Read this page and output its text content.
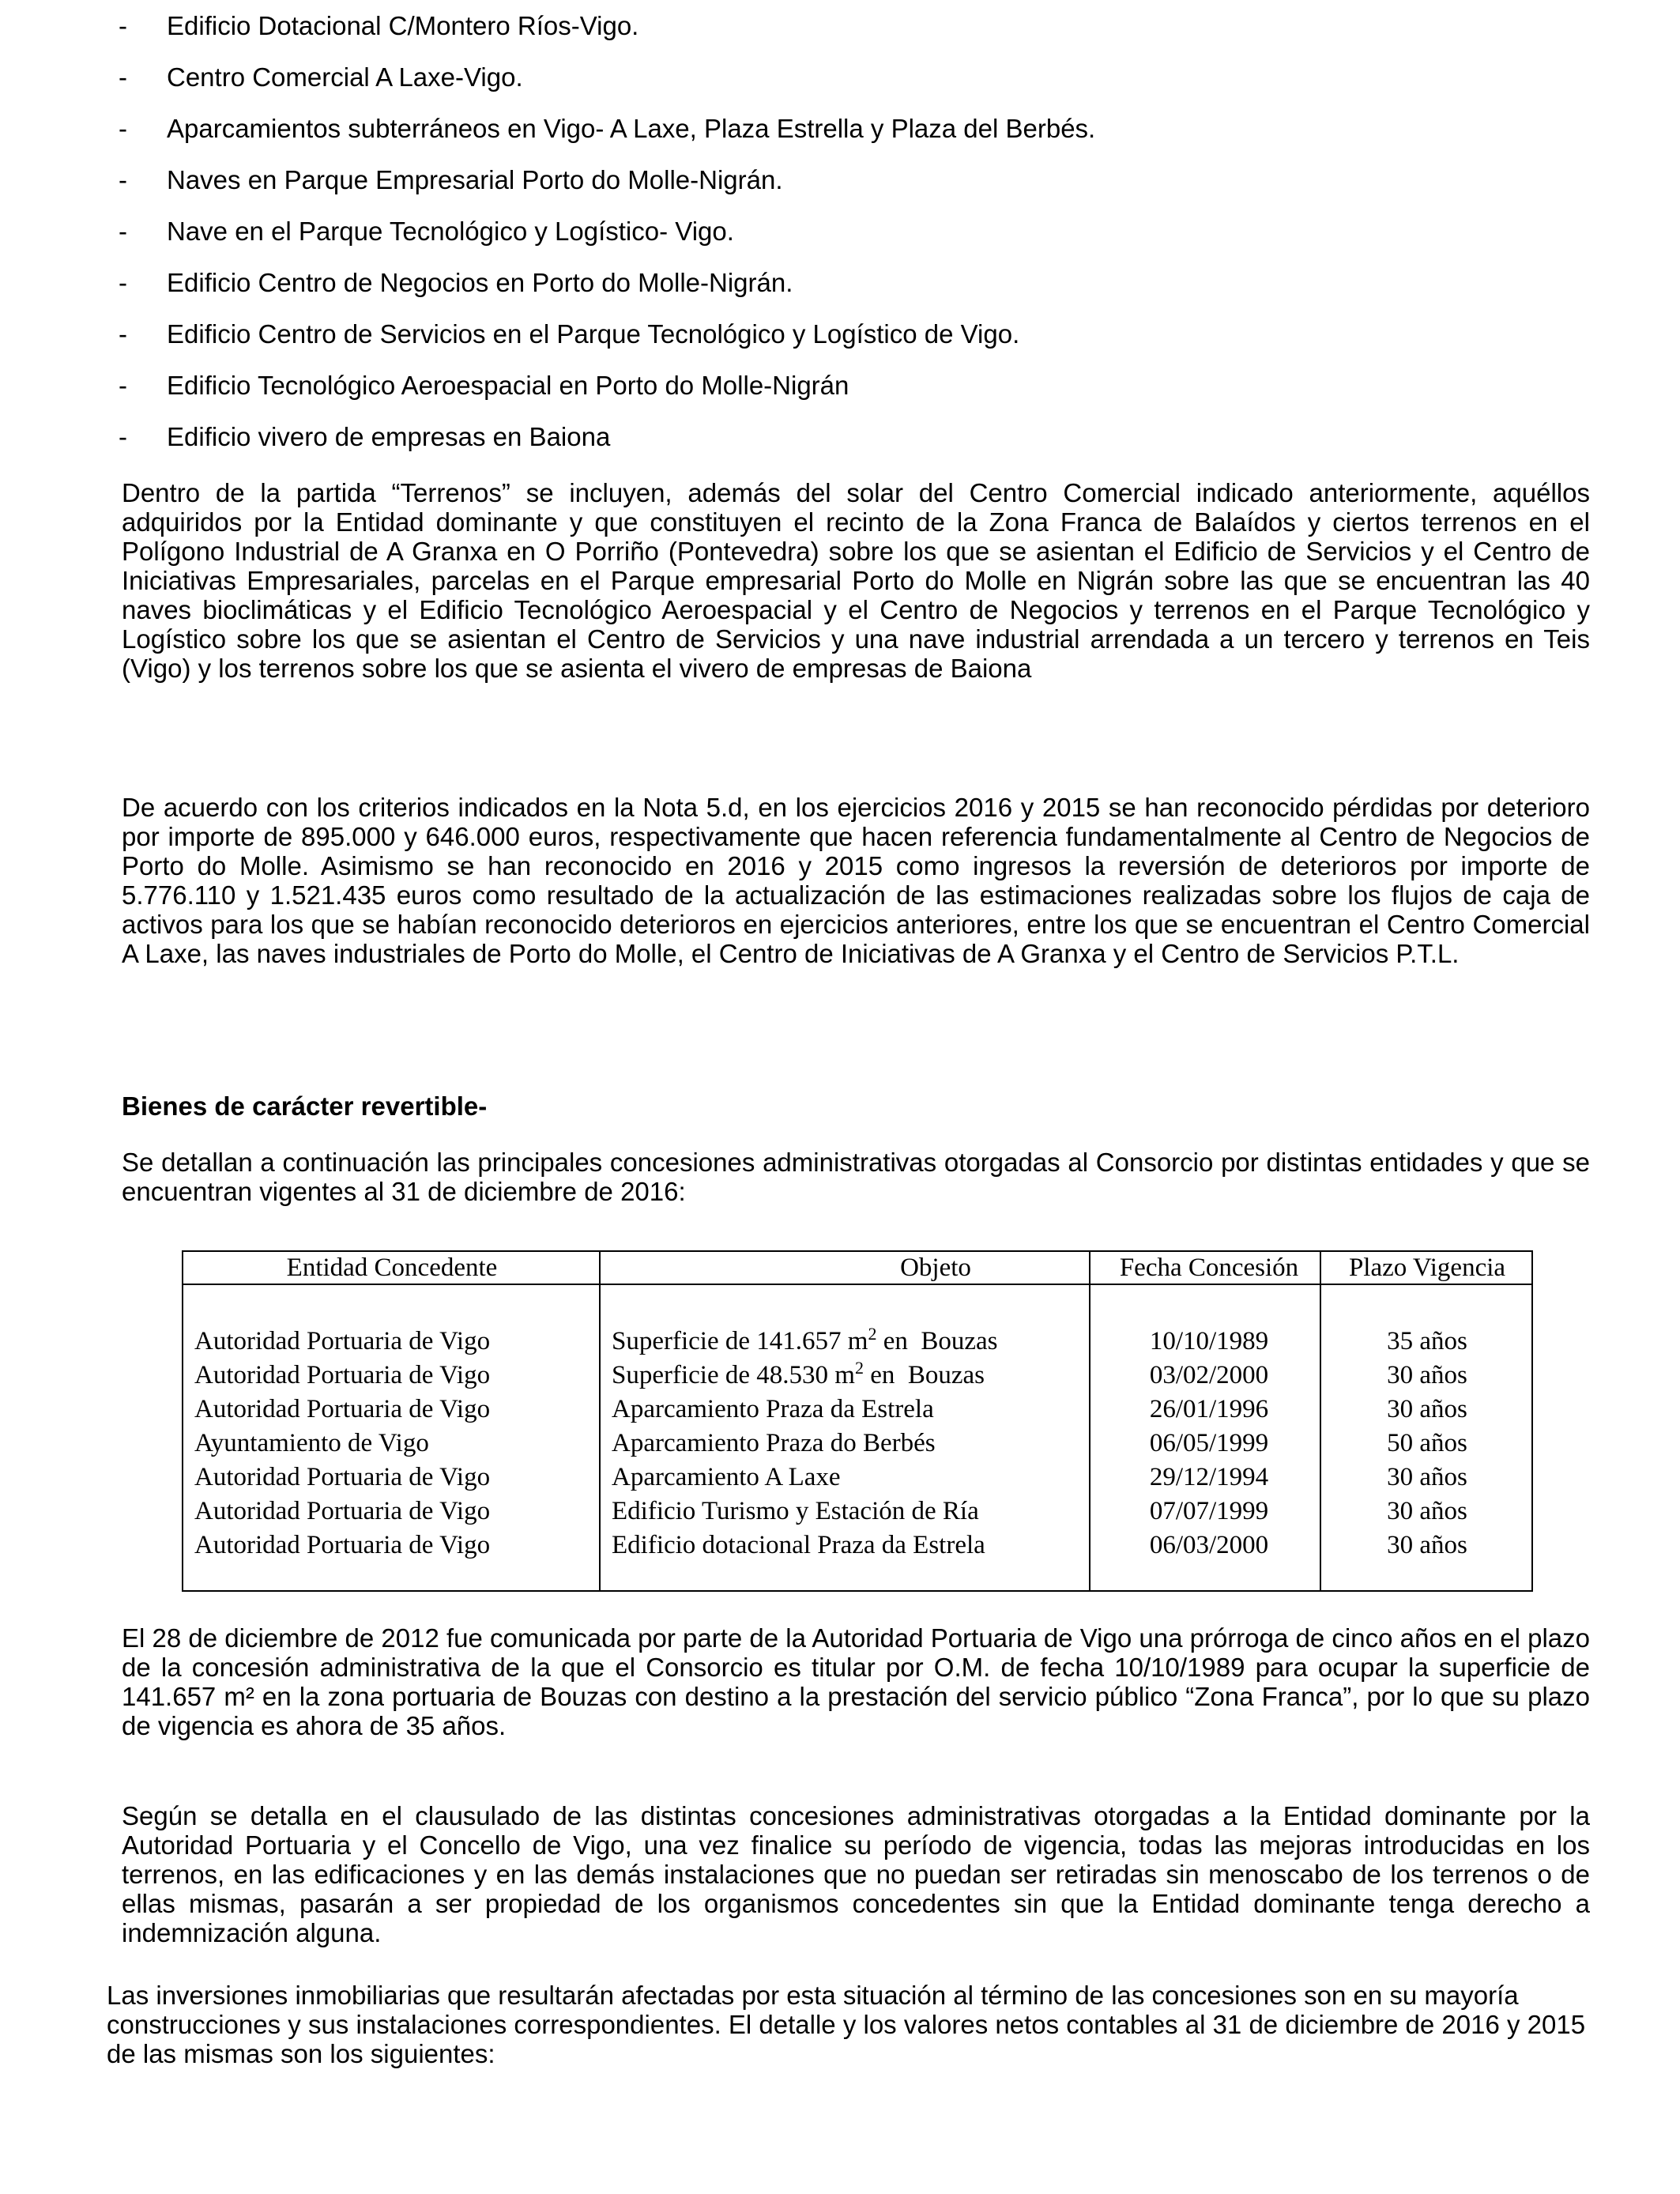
- Edificio Dotacional C/Montero Ríos-Vigo.
- Centro Comercial A Laxe-Vigo.
- Aparcamientos subterráneos en Vigo- A Laxe, Plaza Estrella y Plaza del Berbés.
- Naves en Parque Empresarial Porto do Molle-Nigrán.
- Nave en el Parque Tecnológico y Logístico- Vigo.
- Edificio Centro de Negocios en Porto do Molle-Nigrán.
- Edificio Centro de Servicios en el Parque Tecnológico y Logístico de Vigo.
- Edificio Tecnológico Aeroespacial en Porto do Molle-Nigrán
- Edificio vivero de empresas en Baiona

Dentro de la partida “Terrenos” se incluyen, además del solar del Centro Comercial indicado anteriormente, aquéllos adquiridos por la Entidad dominante y que constituyen el recinto de la Zona Franca de Balaídos y ciertos terrenos en el Polígono Industrial de A Granxa en O Porriño (Pontevedra) sobre los que se asientan el Edificio de Servicios y el Centro de Iniciativas Empresariales, parcelas en el Parque empresarial Porto do Molle en Nigrán sobre las que se encuentran las 40 naves bioclimáticas y el Edificio Tecnológico Aeroespacial y el Centro de Negocios y terrenos en el Parque Tecnológico y Logístico sobre los que se asientan el Centro de Servicios y una nave industrial arrendada a un tercero y terrenos en Teis (Vigo) y los terrenos sobre los que se asienta el vivero de empresas de Baiona

De acuerdo con los criterios indicados en la Nota 5.d, en los ejercicios 2016 y 2015 se han reconocido pérdidas por deterioro por importe de 895.000 y 646.000 euros, respectivamente que hacen referencia fundamentalmente al Centro de Negocios de Porto do Molle. Asimismo se han reconocido en 2016 y 2015 como ingresos la reversión de deterioros por importe de 5.776.110 y 1.521.435 euros como resultado de la actualización de las estimaciones realizadas sobre los flujos de caja de activos para los que se habían reconocido deterioros en ejercicios anteriores, entre los que se encuentran el Centro Comercial A Laxe, las naves industriales de Porto do Molle, el Centro de Iniciativas de A Granxa y el Centro de Servicios P.T.L.

Bienes de carácter revertible-

Se detallan a continuación las principales concesiones administrativas otorgadas al Consorcio por distintas entidades y que se encuentran vigentes al 31 de diciembre de 2016:

Entidad Concedente	Objeto	Fecha Concesión	Plazo Vigencia
Autoridad Portuaria de Vigo	Superficie de 141.657 $m^2$ en  Bouzas	10/10/1989	35 años
Autoridad Portuaria de Vigo	Superficie de 48.530 $m^2$ en  Bouzas	03/02/2000	30 años
Autoridad Portuaria de Vigo	Aparcamiento Praza da Estrela	26/01/1996	30 años
Ayuntamiento de Vigo	Aparcamiento Praza do Berbés	06/05/1999	50 años
Autoridad Portuaria de Vigo	Aparcamiento A Laxe	29/12/1994	30 años
Autoridad Portuaria de Vigo	Edificio Turismo y Estación de Ría	07/07/1999	30 años
Autoridad Portuaria de Vigo	Edificio dotacional Praza da Estrela	06/03/2000	30 años

El 28 de diciembre de 2012 fue comunicada por parte de la Autoridad Portuaria de Vigo una prórroga de cinco años en el plazo de la concesión administrativa de la que el Consorcio es titular por O.M. de fecha 10/10/1989 para ocupar la superficie de 141.657 m² en la zona portuaria de Bouzas con destino a la prestación del servicio público “Zona Franca”, por lo que su plazo de vigencia es ahora de 35 años.

Según se detalla en el clausulado de las distintas concesiones administrativas otorgadas a la Entidad dominante por la Autoridad Portuaria y el Concello de Vigo, una vez finalice su período de vigencia, todas las mejoras introducidas en los terrenos, en las edificaciones y en las demás instalaciones que no puedan ser retiradas sin menoscabo de los terrenos o de ellas mismas, pasarán a ser propiedad de los organismos concedentes sin que la Entidad dominante tenga derecho a indemnización alguna.

Las inversiones inmobiliarias que resultarán afectadas por esta situación al término de las concesiones son en su mayoría construcciones y sus instalaciones correspondientes. El detalle y los valores netos contables al 31 de diciembre de 2016 y 2015 de las mismas son los siguientes:
